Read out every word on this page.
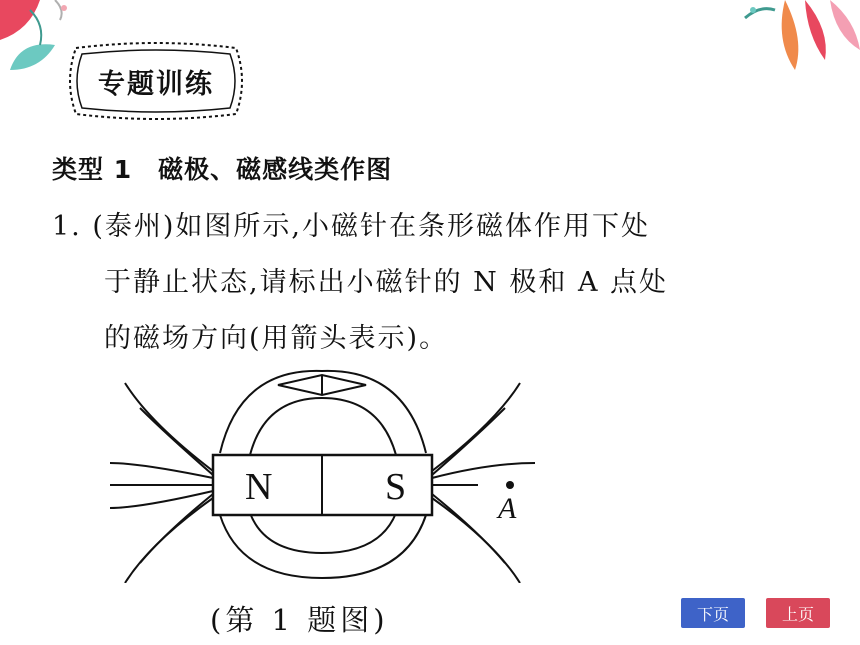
专题训练
类型 1 磁极、磁感线类作图
1. (泰州)如图所示,小磁针在条形磁体作用下处
于静止状态,请标出小磁针的 N 极和 A 点处
的磁场方向(用箭头表示)。
N	S
A
(第 1 题图)	下页	上页
